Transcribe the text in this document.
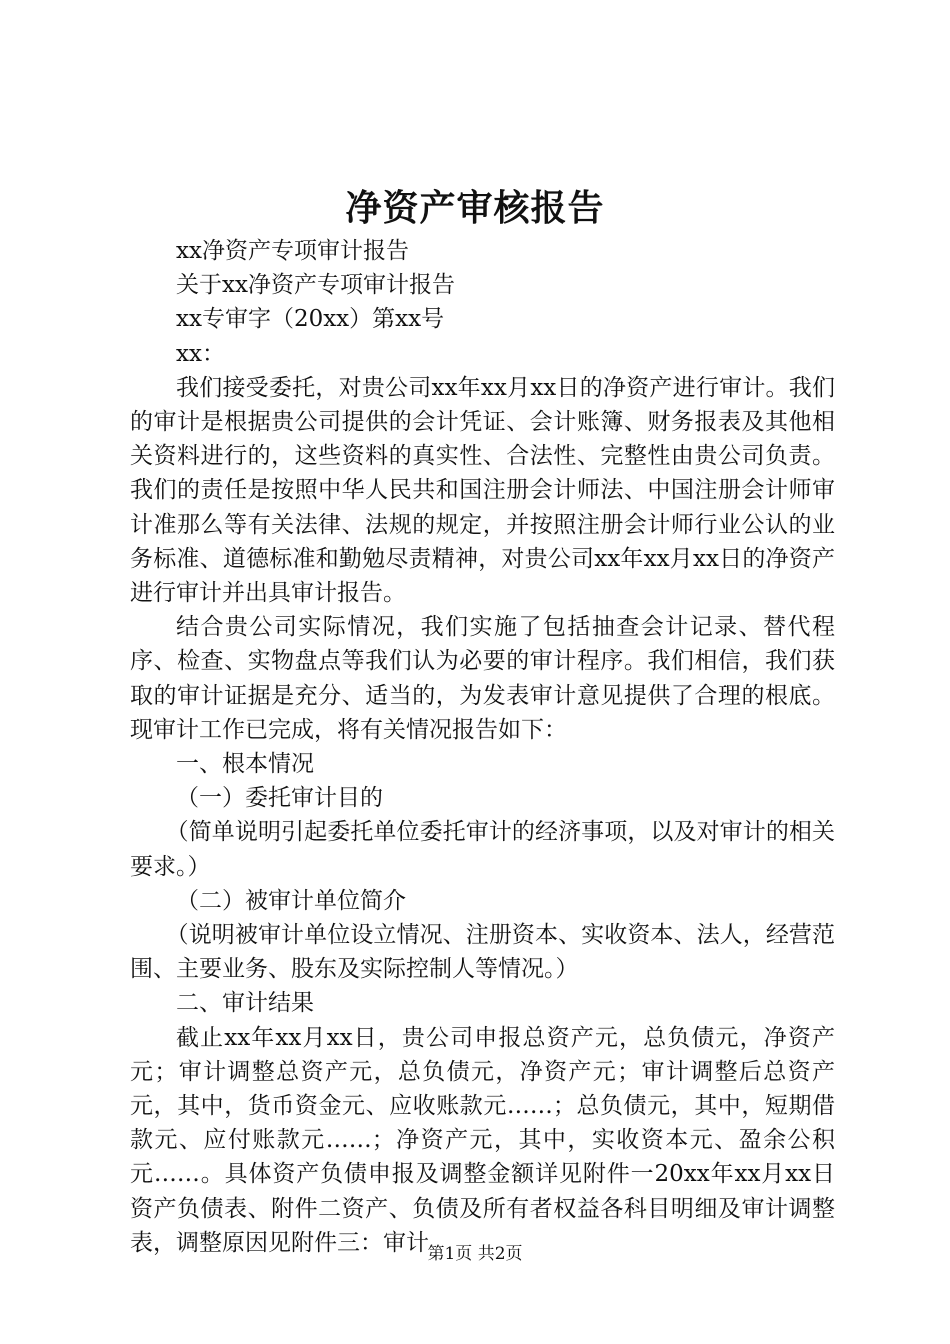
净资产审核报告

xx净资产专项审计报告

关于xx净资产专项审计报告

xx专审字（20xx）第xx号

xx：

我们接受委托，对贵公司xx年xx月xx日的净资产进行审计。我们的审计是根据贵公司提供的会计凭证、会计账簿、财务报表及其他相关资料进行的，这些资料的真实性、合法性、完整性由贵公司负责。我们的责任是按照中华人民共和国注册会计师法、中国注册会计师审计准那么等有关法律、法规的规定，并按照注册会计师行业公认的业务标准、道德标准和勤勉尽责精神，对贵公司xx年xx月xx日的净资产进行审计并出具审计报告。

结合贵公司实际情况，我们实施了包括抽查会计记录、替代程序、检查、实物盘点等我们认为必要的审计程序。我们相信，我们获取的审计证据是充分、适当的，为发表审计意见提供了合理的根底。现审计工作已完成，将有关情况报告如下：

一、根本情况

（一）委托审计目的

（简单说明引起委托单位委托审计的经济事项，以及对审计的相关要求。）

（二）被审计单位简介

（说明被审计单位设立情况、注册资本、实收资本、法人，经营范围、主要业务、股东及实际控制人等情况。）

二、审计结果

截止xx年xx月xx日，贵公司申报总资产元，总负债元，净资产元；审计调整总资产元，总负债元，净资产元；审计调整后总资产元，其中，货币资金元、应收账款元……；总负债元，其中，短期借款元、应付账款元……；净资产元，其中，实收资本元、盈余公积元……。具体资产负债申报及调整金额详见附件一20xx年xx月xx日资产负债表、附件二资产、负债及所有者权益各科目明细及审计调整表，调整原因见附件三：审计

第1页 共2页
